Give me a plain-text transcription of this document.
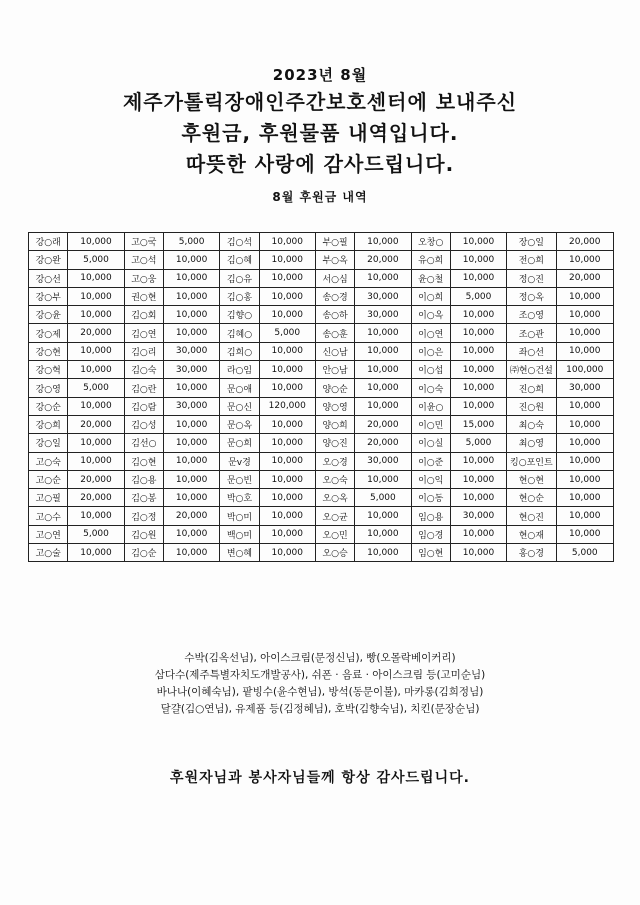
2023년 8월
제주가톨릭장애인주간보호센터에 보내주신
후원금, 후원물품 내역입니다.
따뜻한 사랑에 감사드립니다.
8월 후원금 내역
강○래	10,000	고○국	5,000	김○석	10,000	부○필	10,000	오창○	10,000	장○일	20,000
강○완	5,000	고○석	10,000	김○혜	10,000	부○옥	20,000	유○희	10,000	전○희	10,000
강○선	10,000	고○웅	10,000	김○유	10,000	서○심	10,000	윤○철	10,000	정○진	20,000
강○부	10,000	권○현	10,000	김○홍	10,000	송○경	30,000	이○희	5,000	정○옥	10,000
강○윤	10,000	김○회	10,000	김향○	10,000	송○하	30,000	이○옥	10,000	조○영	10,000
강○제	20,000	김○연	10,000	김혜○	5,000	송○훈	10,000	이○연	10,000	조○관	10,000
강○현	10,000	김○리	30,000	김희○	10,000	신○남	10,000	이○은	10,000	좌○선	10,000
강○혁	10,000	김○숙	30,000	라○임	10,000	안○남	10,000	이○섭	10,000	㈜현○건설	100,000
강○영	5,000	김○란	10,000	문○애	10,000	양○순	10,000	이○숙	10,000	진○희	30,000
강○순	10,000	김○람	30,000	문○신	120,000	양○영	10,000	이윤○	10,000	진○원	10,000
강○희	20,000	김○성	10,000	문○옥	10,000	양○희	20,000	이○민	15,000	최○숙	10,000
강○일	10,000	김선○	10,000	문○희	10,000	양○진	20,000	이○실	5,000	최○영	10,000
고○숙	10,000	김○현	10,000	문v경	10,000	오○경	30,000	이○준	10,000	킹○포인트	10,000
고○순	20,000	김○용	10,000	문○빈	10,000	오○숙	10,000	이○익	10,000	현○현	10,000
고○필	20,000	김○봉	10,000	박○호	10,000	오○옥	5,000	이○동	10,000	현○순	10,000
고○수	10,000	김○정	20,000	박○미	10,000	오○균	10,000	임○용	30,000	현○진	10,000
고○연	5,000	김○원	10,000	백○미	10,000	오○민	10,000	임○경	10,000	현○재	10,000
고○술	10,000	김○순	10,000	변○혜	10,000	오○승	10,000	임○현	10,000	홍○경	5,000
수박(김옥선님), 아이스크림(문정신님), 빵(오몰락베이커리)
삼다수(제주특별자치도개발공사), 쉬폰 · 음료 · 아이스크림 등(고미순님)
바나나(이혜숙님), 팥빙수(윤수현님), 방석(동문이불), 마카롱(김희정님)
달걀(김○연님), 유제품 등(김정혜님), 호박(김향숙님), 치킨(문장순님)
후원자님과 봉사자님들께 항상 감사드립니다.
